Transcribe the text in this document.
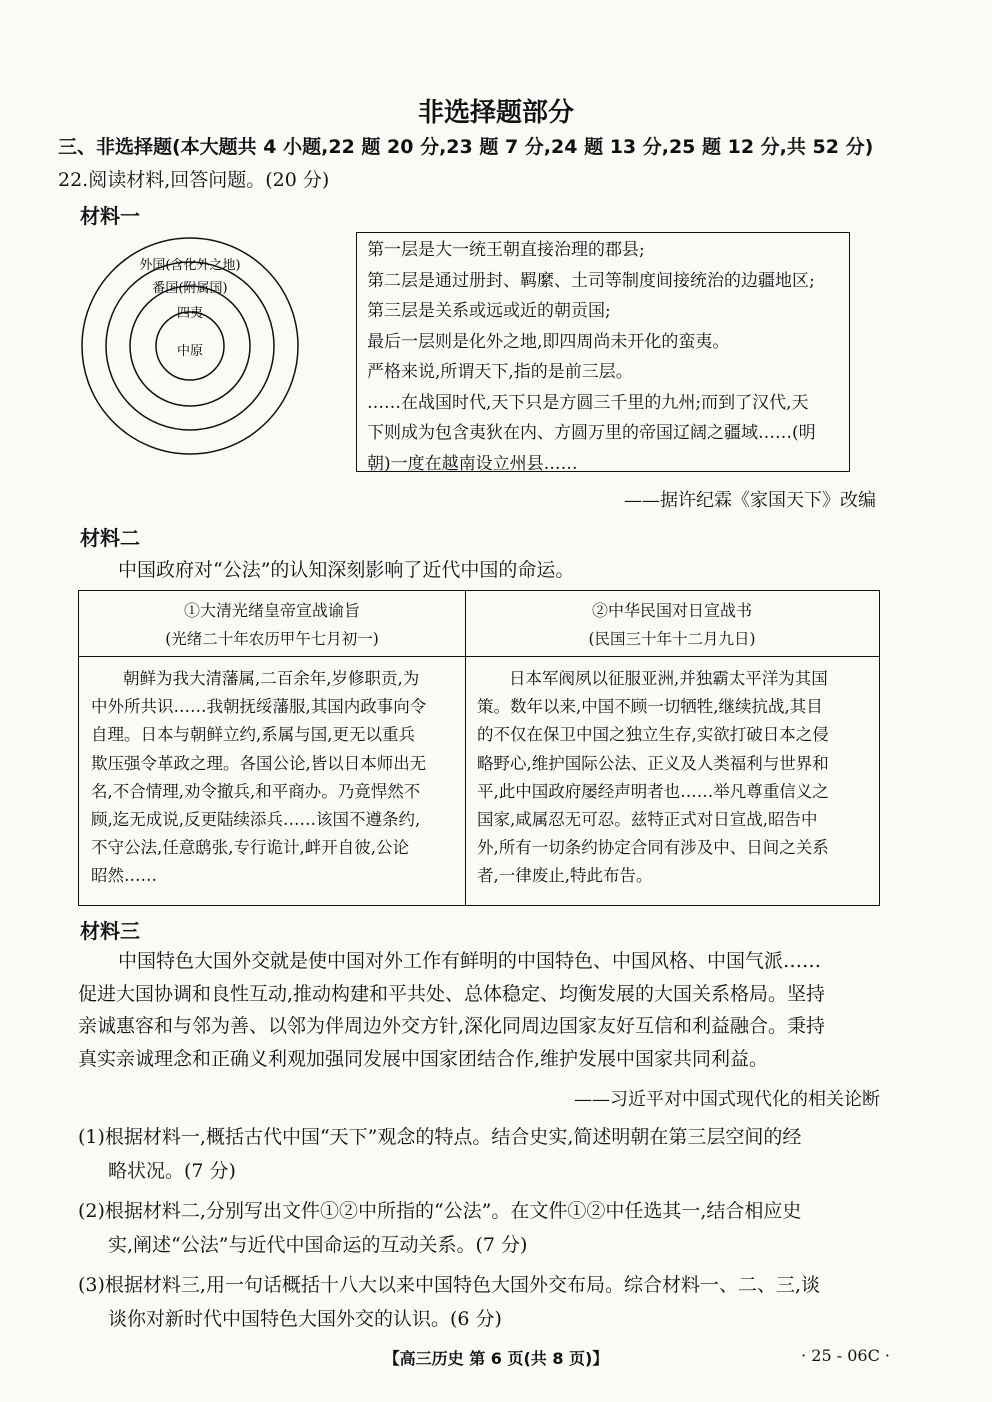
非选择题部分
三、非选择题(本大题共 4 小题,22 题 20 分,23 题 7 分,24 题 13 分,25 题 12 分,共 52 分)
22.阅读材料,回答问题。(20 分)
材料一
外国(含化外之地)
番国(附属国)
四夷
中原
第一层是大一统王朝直接治理的郡县;
第二层是通过册封、羁縻、土司等制度间接统治的边疆地区;
第三层是关系或远或近的朝贡国;
最后一层则是化外之地,即四周尚未开化的蛮夷。
严格来说,所谓天下,指的是前三层。
……在战国时代,天下只是方圆三千里的九州;而到了汉代,天
下则成为包含夷狄在内、方圆万里的帝国辽阔之疆域……(明
朝)一度在越南设立州县……
——据许纪霖《家国天下》改编
材料二
中国政府对“公法”的认知深刻影响了近代中国的命运。
①大清光绪皇帝宣战谕旨
(光绪二十年农历甲午七月初一)
朝鲜为我大清藩属,二百余年,岁修职贡,为
中外所共识……我朝抚绥藩服,其国内政事向令
自理。日本与朝鲜立约,系属与国,更无以重兵
欺压强令革政之理。各国公论,皆以日本师出无
名,不合情理,劝令撤兵,和平商办。乃竟悍然不
顾,迄无成说,反更陆续添兵……该国不遵条约,
不守公法,任意鸱张,专行诡计,衅开自彼,公论
昭然……
②中华民国对日宣战书
(民国三十年十二月九日)
日本军阀夙以征服亚洲,并独霸太平洋为其国
策。数年以来,中国不顾一切牺牲,继续抗战,其目
的不仅在保卫中国之独立生存,实欲打破日本之侵
略野心,维护国际公法、正义及人类福利与世界和
平,此中国政府屡经声明者也……举凡尊重信义之
国家,咸属忍无可忍。兹特正式对日宣战,昭告中
外,所有一切条约协定合同有涉及中、日间之关系
者,一律废止,特此布告。
材料三
中国特色大国外交就是使中国对外工作有鲜明的中国特色、中国风格、中国气派……
促进大国协调和良性互动,推动构建和平共处、总体稳定、均衡发展的大国关系格局。坚持
亲诚惠容和与邻为善、以邻为伴周边外交方针,深化同周边国家友好互信和利益融合。秉持
真实亲诚理念和正确义利观加强同发展中国家团结合作,维护发展中国家共同利益。
——习近平对中国式现代化的相关论断
(1)根据材料一,概括古代中国“天下”观念的特点。结合史实,简述明朝在第三层空间的经
略状况。(7 分)
(2)根据材料二,分别写出文件①②中所指的“公法”。在文件①②中任选其一,结合相应史
实,阐述“公法”与近代中国命运的互动关系。(7 分)
(3)根据材料三,用一句话概括十八大以来中国特色大国外交布局。综合材料一、二、三,谈
谈你对新时代中国特色大国外交的认识。(6 分)
【高三历史 第 6 页(共 8 页)】	· 25 - 06C ·
